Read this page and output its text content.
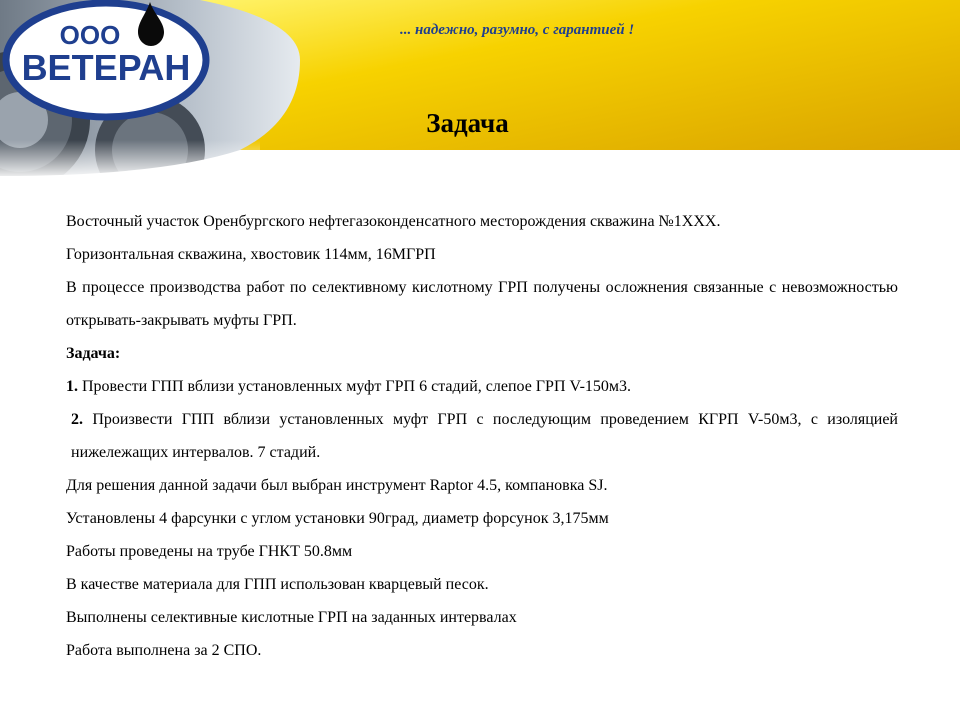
ООО
ВЕТЕРАН
... надежно, разумно, с гарантией !
Задача

Восточный участок Оренбургского нефтегазоконденсатного месторождения скважина №1ХХХ.

Горизонтальная скважина, хвостовик 114мм, 16МГРП

В процессе производства работ по селективному кислотному ГРП получены осложнения связанные с невозможностью открывать-закрывать муфты ГРП.

Задача:

1. Провести ГПП вблизи установленных муфт ГРП 6 стадий, слепое ГРП V-150м3.

2. Произвести ГПП вблизи установленных муфт ГРП с последующим проведением КГРП V-50м3, с изоляцией нижележащих интервалов. 7 стадий.

Для решения данной задачи был выбран инструмент Raptor 4.5, компановка SJ.

Установлены 4 фарсунки с углом установки 90град, диаметр форсунок 3,175мм

Работы проведены на трубе ГНКТ 50.8мм

В качестве материала для ГПП использован кварцевый песок.

Выполнены селективные кислотные ГРП на заданных интервалах

Работа выполнена за 2 СПО.
